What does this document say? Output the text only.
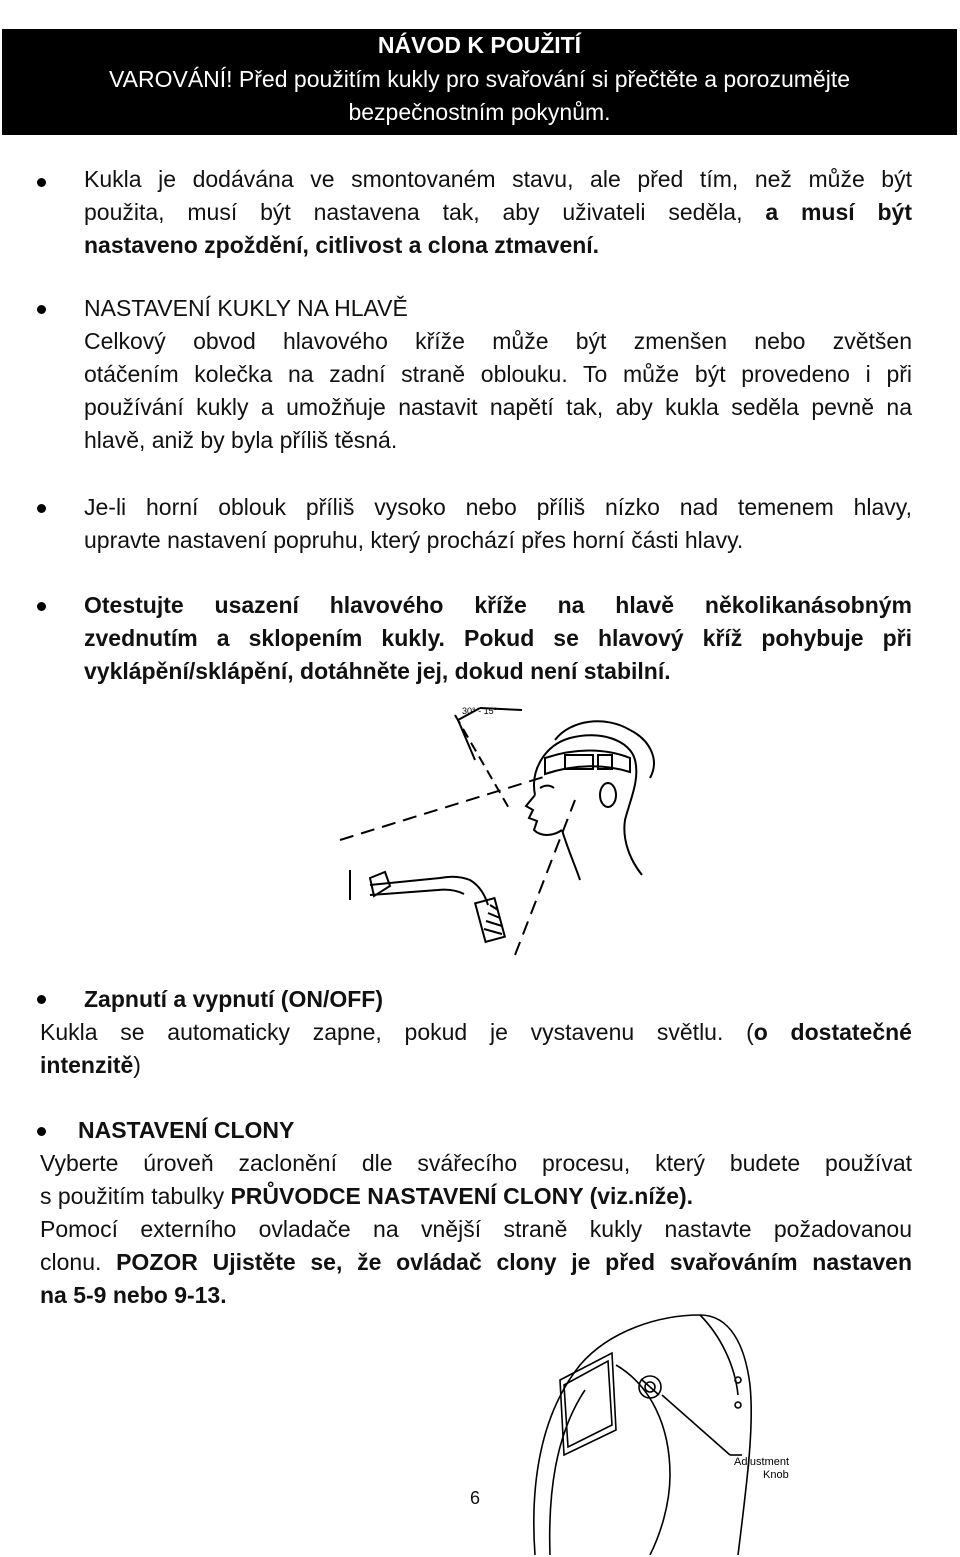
NÁVOD K POUŽITÍ
VAROVÁNÍ! Před použitím kukly pro svařování si přečtěte a porozumějte
bezpečnostním pokynům.
Kukla je dodávána ve smontovaném stavu, ale před tím, než může být
použita, musí být nastavena tak, aby uživateli seděla, a musí být
nastaveno zpoždění, citlivost a clona ztmavení.
NASTAVENÍ KUKLY NA HLAVĚ
Celkový obvod hlavového kříže může být zmenšen nebo zvětšen
otáčením kolečka na zadní straně oblouku. To může být provedeno i při
používání kukly a umožňuje nastavit napětí tak, aby kukla seděla pevně na
hlavě, aniž by byla příliš těsná.
Je-li horní oblouk příliš vysoko nebo příliš nízko nad temenem hlavy,
upravte nastavení popruhu, který prochází přes horní části hlavy.
Otestujte usazení hlavového kříže na hlavě několikanásobným
zvednutím a sklopením kukly. Pokud se hlavový kříž pohybuje při
vyklápění/sklápění, dotáhněte jej, dokud není stabilní.
30° - 15°
Zapnutí a vypnutí (ON/OFF)
Kukla se automaticky zapne, pokud je vystavenu světlu. (o dostatečné
intenzitě)
NASTAVENÍ CLONY
Vyberte úroveň zaclonění dle svářecího procesu, který budete používat
s použitím tabulky PRŮVODCE NASTAVENÍ CLONY (viz.níže).
Pomocí externího ovladače na vnější straně kukly nastavte požadovanou
clonu. POZOR Ujistěte se, že ovládač clony je před svařováním nastaven
na 5-9 nebo 9-13.
Adjustment
Knob
6
